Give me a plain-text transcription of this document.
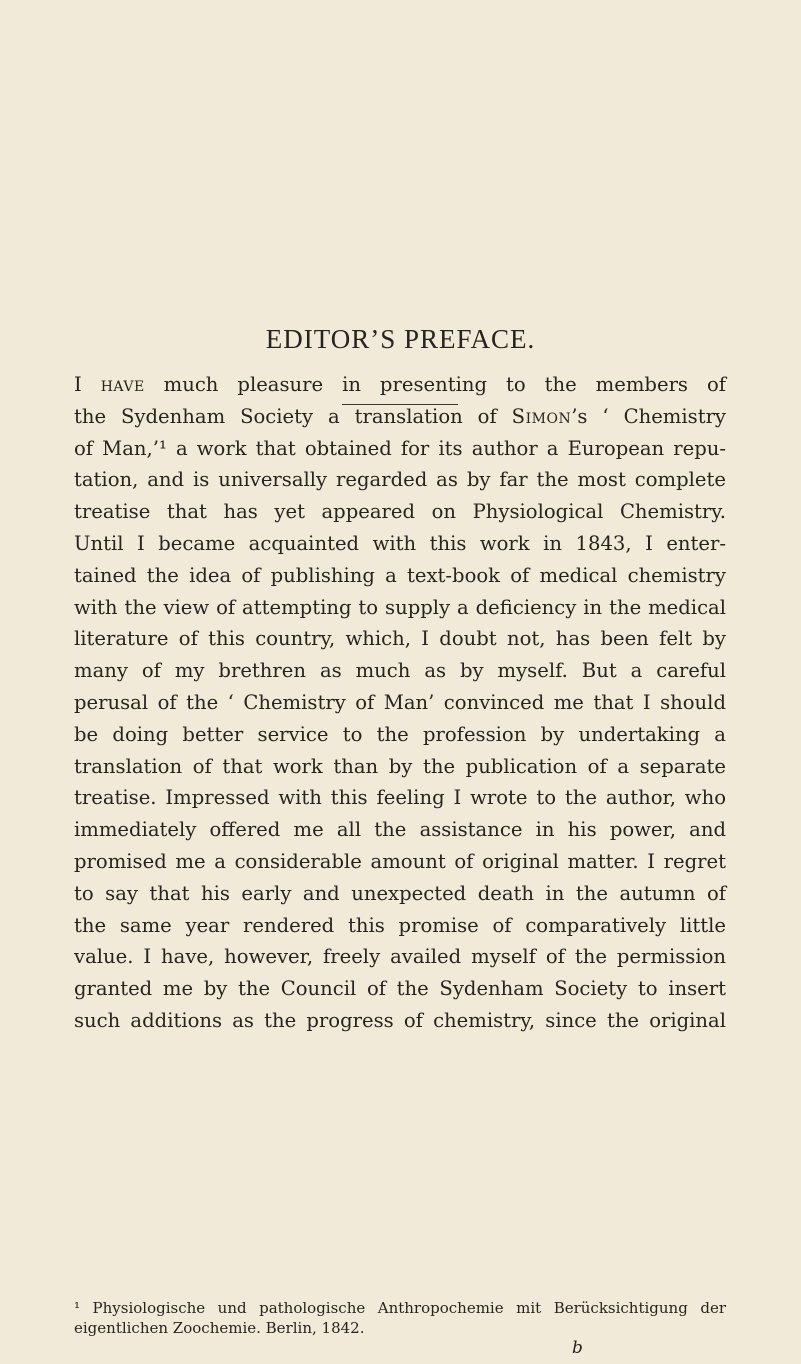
EDITOR’S PREFACE.
I have much pleasure in presenting to the members of
the Sydenham Society a translation of Simon’s ‘ Chemistry
of Man,’¹ a work that obtained for its author a European repu-
tation, and is universally regarded as by far the most complete
treatise that has yet appeared on Physiological Chemistry.
Until I became acquainted with this work in 1843, I enter-
tained the idea of publishing a text-book of medical chemistry
with the view of attempting to supply a deficiency in the medical
literature of this country, which, I doubt not, has been felt by
many of my brethren as much as by myself. But a careful
perusal of the ‘ Chemistry of Man’ convinced me that I should
be doing better service to the profession by undertaking a
translation of that work than by the publication of a separate
treatise. Impressed with this feeling I wrote to the author, who
immediately offered me all the assistance in his power, and
promised me a considerable amount of original matter. I regret
to say that his early and unexpected death in the autumn of
the same year rendered this promise of comparatively little
value. I have, however, freely availed myself of the permission
granted me by the Council of the Sydenham Society to insert
such additions as the progress of chemistry, since the original
¹ Physiologische und pathologische Anthropochemie mit Berücksichtigung der
eigentlichen Zoochemie. Berlin, 1842.
b
